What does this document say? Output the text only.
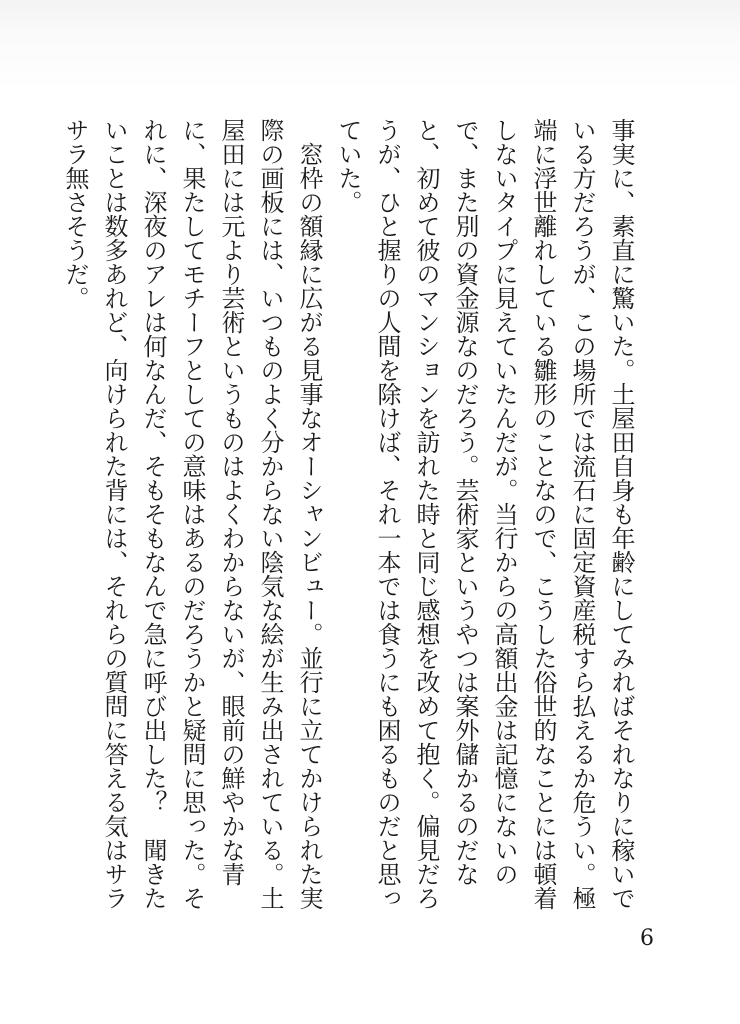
事実に、素直に驚いた。土屋田自身も年齢にしてみればそれなりに稼いでいる方だろうが、この場所では流石に固定資産税すら払えるか危うい。極端に浮世離れしている雛形のことなので、こうした俗世的なことには頓着しないタイプに見えていたんだが。当行からの高額出金は記憶にないので、また別の資金源なのだろう。芸術家というやつは案外儲かるのだなと、初めて彼のマンションを訪れた時と同じ感想を改めて抱く。偏見だろうが、ひと握りの人間を除けば、それ一本では食うにも困るものだと思っていた。

窓枠の額縁に広がる見事なオーシャンビュー。並行に立てかけられた実際の画板には、いつものよく分からない陰気な絵が生み出されている。土屋田には元より芸術というものはよくわからないが、眼前の鮮やかな青に、果たしてモチーフとしての意味はあるのだろうかと疑問に思った。それに、深夜のアレは何なんだ、そもそもなんで急に呼び出した？　聞きたいことは数多あれど、向けられた背には、それらの質問に答える気はサラサラ無さそうだ。

6
